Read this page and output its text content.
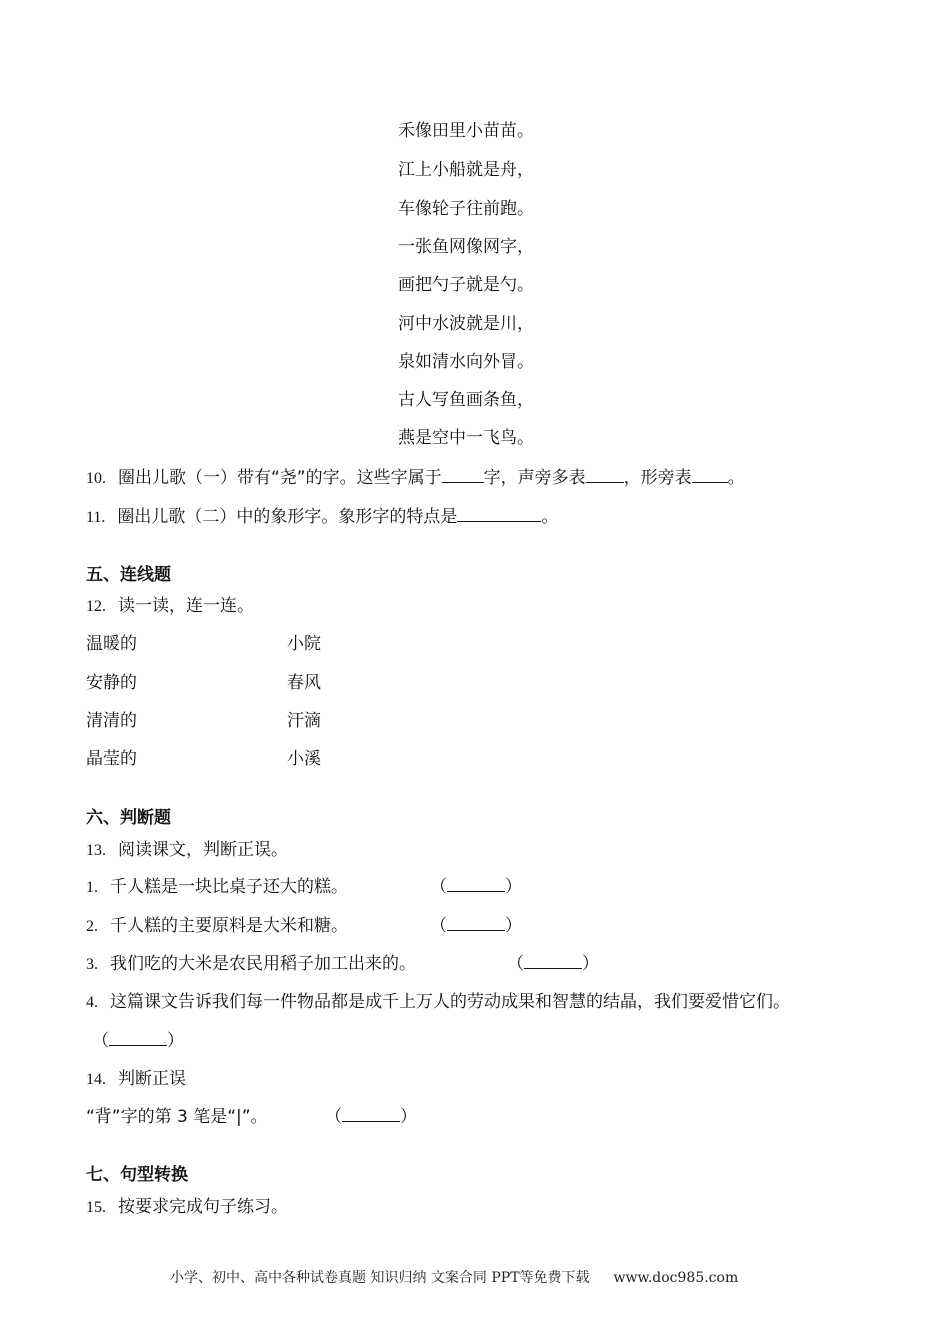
禾像田里小苗苗。
江上小船就是舟，
车像轮子往前跑。
一张鱼网像网字，
画把勺子就是勺。
河中水波就是川，
泉如清水向外冒。
古人写鱼画条鱼，
燕是空中一飞鸟。
10. 圈出儿歌（一）带有“尧”的字。这些字属于 字，声旁多表 ，形旁表 。
11. 圈出儿歌（二）中的象形字。象形字的特点是	。
五、连线题
12. 读一读，连一连。
温暖的	小院
安静的	春风
清清的	汗滴
晶莹的	小溪
六、判断题
13. 阅读课文，判断正误。
1. 千人糕是一块比桌子还大的糕。	（	）
2. 千人糕的主要原料是大米和糖。	（	）
3. 我们吃的大米是农民用稻子加工出来的。	（	）
4. 这篇课文告诉我们每一件物品都是成千上万人的劳动成果和智慧的结晶，我们要爱惜它们。
（	）
14. 判断正误
“背”字的第 3 笔是“|”。	（	）
七、句型转换
15. 按要求完成句子练习。
小学、初中、高中各种试卷真题 知识归纳 文案合同 PPT等免费下载 www.doc985.com
